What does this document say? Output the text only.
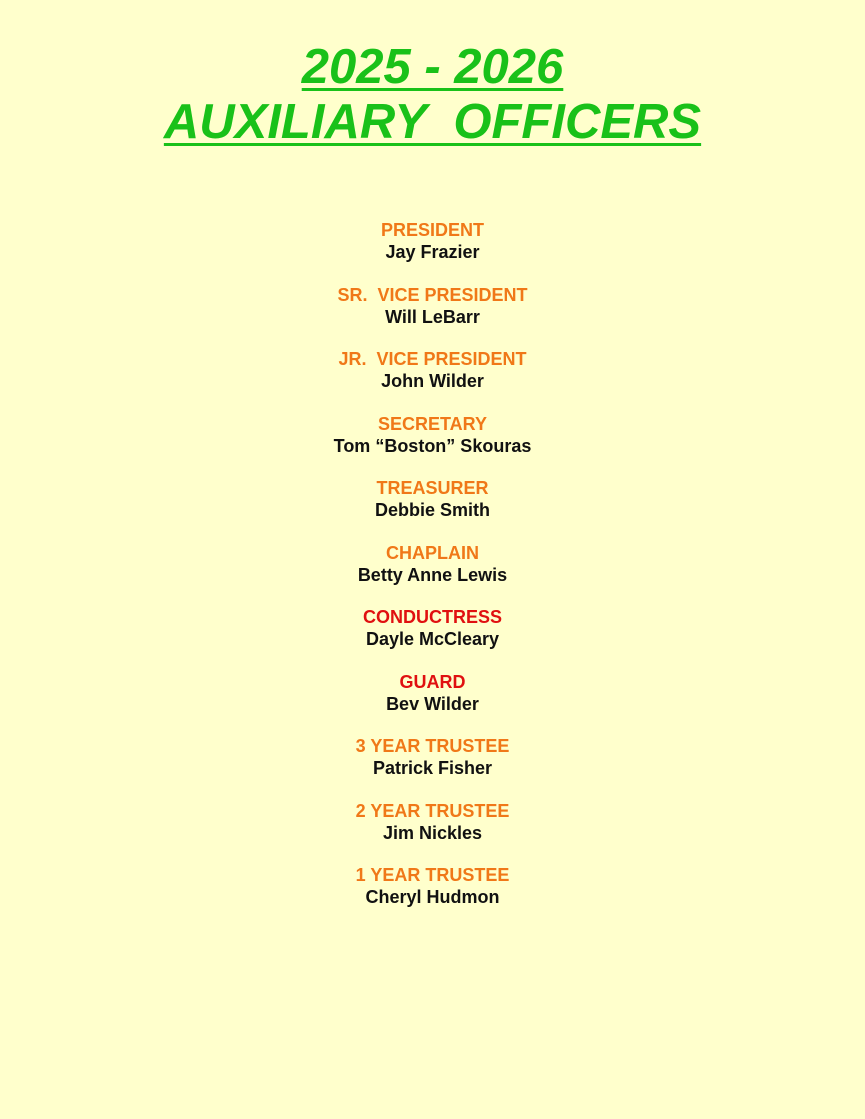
2025 - 2026
AUXILIARY  OFFICERS
PRESIDENT
Jay Frazier
SR.  VICE PRESIDENT
Will LeBarr
JR.  VICE PRESIDENT
John Wilder
SECRETARY
Tom “Boston” Skouras
TREASURER
Debbie Smith
CHAPLAIN
Betty Anne Lewis
CONDUCTRESS
Dayle McCleary
GUARD
Bev Wilder
3 YEAR TRUSTEE
Patrick Fisher
2 YEAR TRUSTEE
Jim Nickles
1 YEAR TRUSTEE
Cheryl Hudmon
